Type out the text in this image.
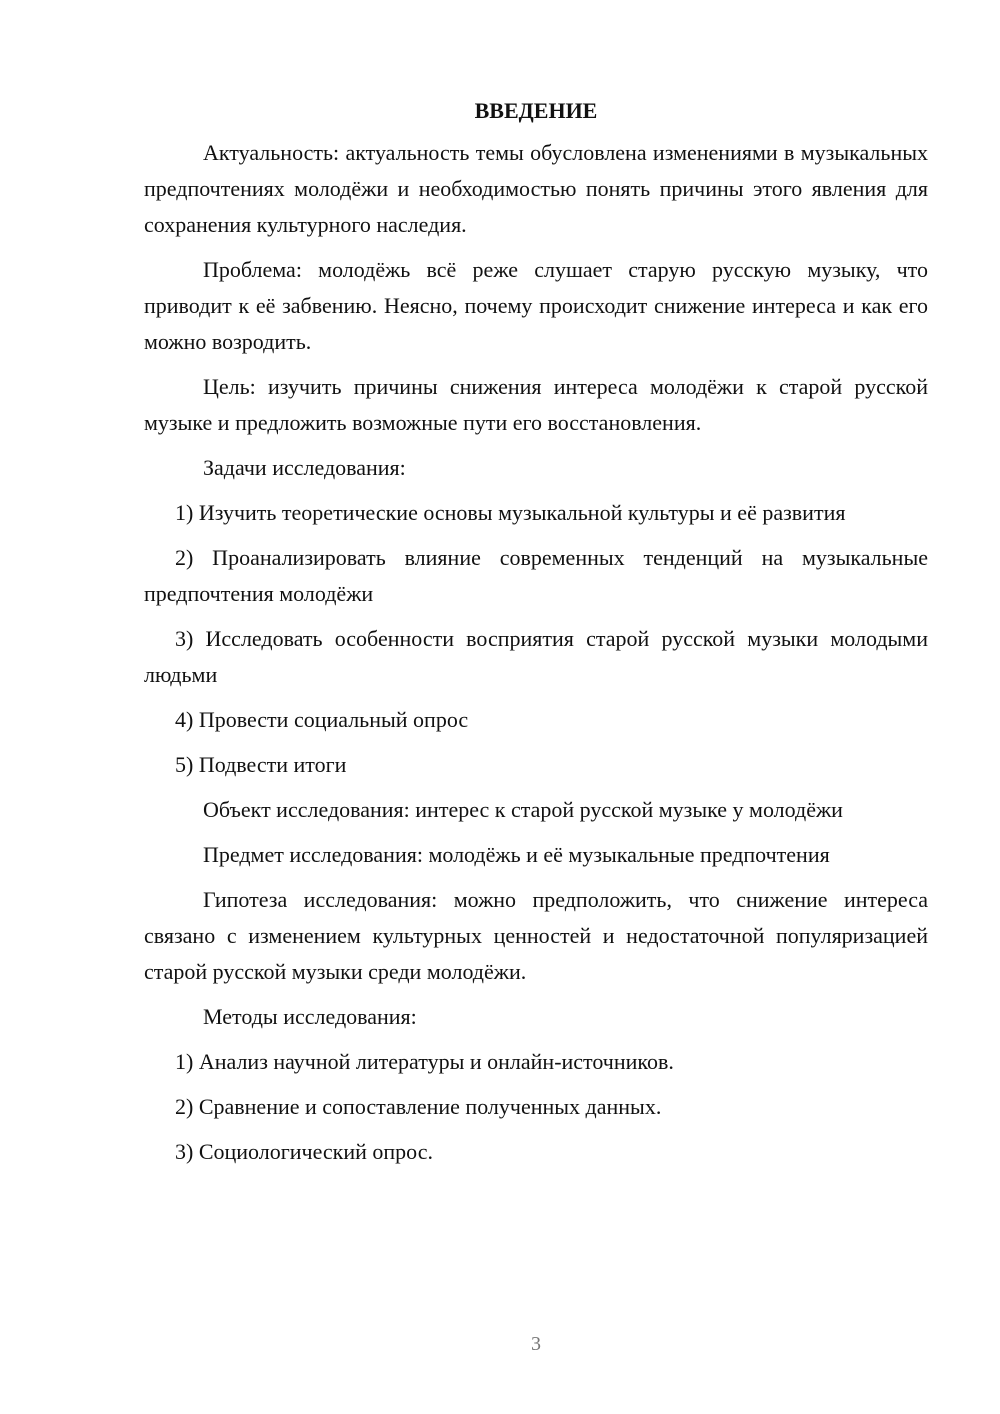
ВВЕДЕНИЕ

Актуальность: актуальность темы обусловлена изменениями в музыкальных предпочтениях молодёжи и необходимостью понять причины этого явления для сохранения культурного наследия.

Проблема: молодёжь всё реже слушает старую русскую музыку, что приводит к её забвению. Неясно, почему происходит снижение интереса и как его можно возродить.

Цель: изучить причины снижения интереса молодёжи к старой русской музыке и предложить возможные пути его восстановления.

Задачи исследования:

1) Изучить теоретические основы музыкальной культуры и её развития

2) Проанализировать влияние современных тенденций на музыкальные предпочтения молодёжи

3) Исследовать особенности восприятия старой русской музыки молодыми людьми

4) Провести социальный опрос

5) Подвести итоги

Объект исследования: интерес к старой русской музыке у молодёжи

Предмет исследования: молодёжь и её музыкальные предпочтения

Гипотеза исследования: можно предположить, что снижение интереса связано с изменением культурных ценностей и недостаточной популяризацией старой русской музыки среди молодёжи.

Методы исследования:

1) Анализ научной литературы и онлайн-источников.

2) Сравнение и сопоставление полученных данных.

3) Социологический опрос.

3
